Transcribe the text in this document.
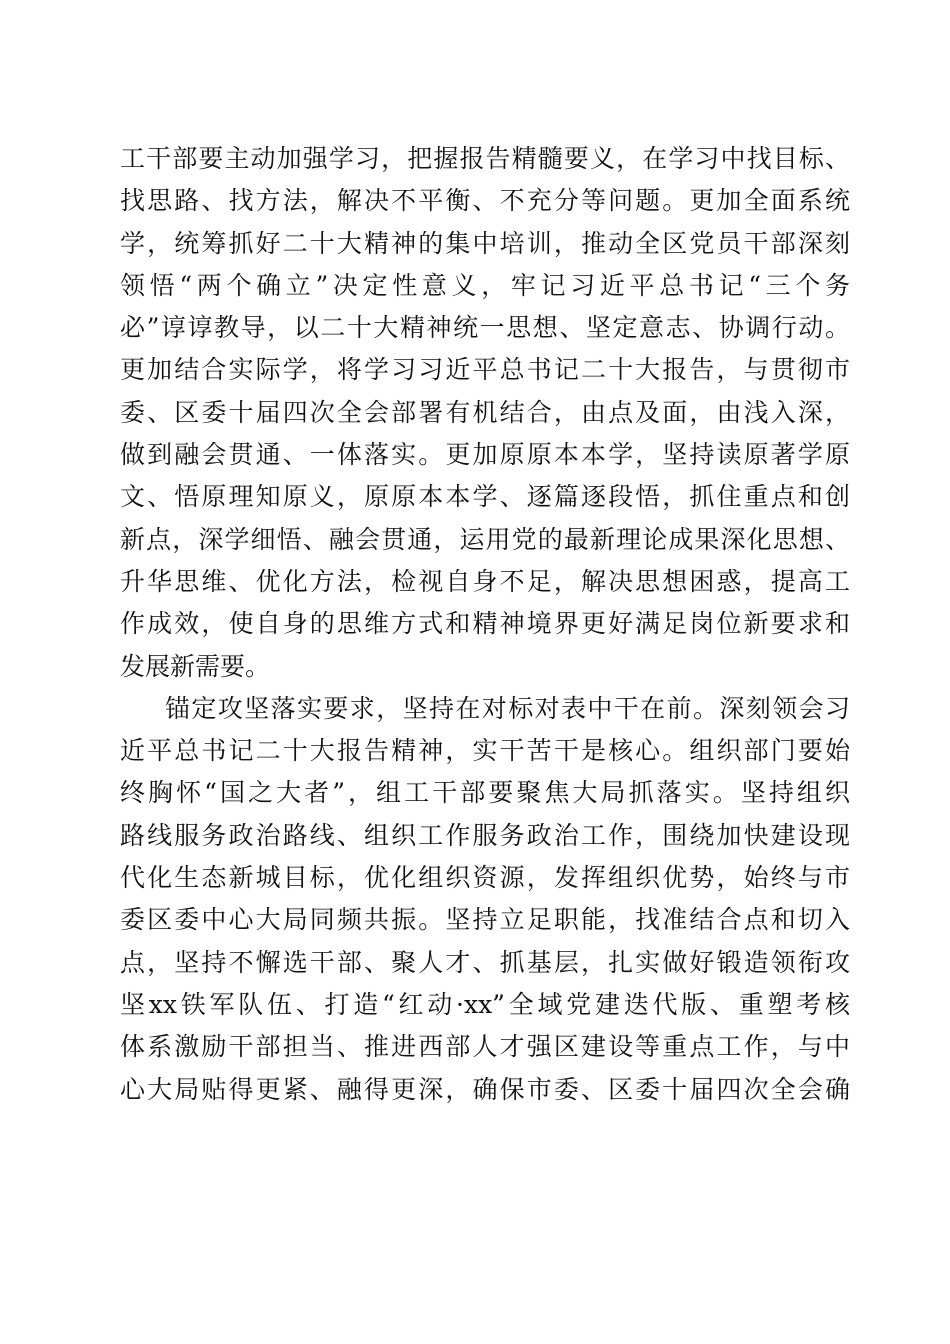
工干部要主动加强学习，把握报告精髓要义，在学习中找目标、
找思路、找方法，解决不平衡、不充分等问题。更加全面系统
学，统筹抓好二十大精神的集中培训，推动全区党员干部深刻
领悟“两个确立”决定性意义，牢记习近平总书记“三个务
必”谆谆教导，以二十大精神统一思想、坚定意志、协调行动。
更加结合实际学，将学习习近平总书记二十大报告，与贯彻市
委、区委十届四次全会部署有机结合，由点及面，由浅入深，
做到融会贯通、一体落实。更加原原本本学，坚持读原著学原
文、悟原理知原义，原原本本学、逐篇逐段悟，抓住重点和创
新点，深学细悟、融会贯通，运用党的最新理论成果深化思想、
升华思维、优化方法，检视自身不足，解决思想困惑，提高工
作成效，使自身的思维方式和精神境界更好满足岗位新要求和
发展新需要。
锚定攻坚落实要求，坚持在对标对表中干在前。深刻领会习
近平总书记二十大报告精神，实干苦干是核心。组织部门要始
终胸怀“国之大者”，组工干部要聚焦大局抓落实。坚持组织
路线服务政治路线、组织工作服务政治工作，围绕加快建设现
代化生态新城目标，优化组织资源，发挥组织优势，始终与市
委区委中心大局同频共振。坚持立足职能，找准结合点和切入
点，坚持不懈选干部、聚人才、抓基层，扎实做好锻造领衔攻
坚xx铁军队伍、打造“红动·xx”全域党建迭代版、重塑考核
体系激励干部担当、推进西部人才强区建设等重点工作，与中
心大局贴得更紧、融得更深，确保市委、区委十届四次全会确
